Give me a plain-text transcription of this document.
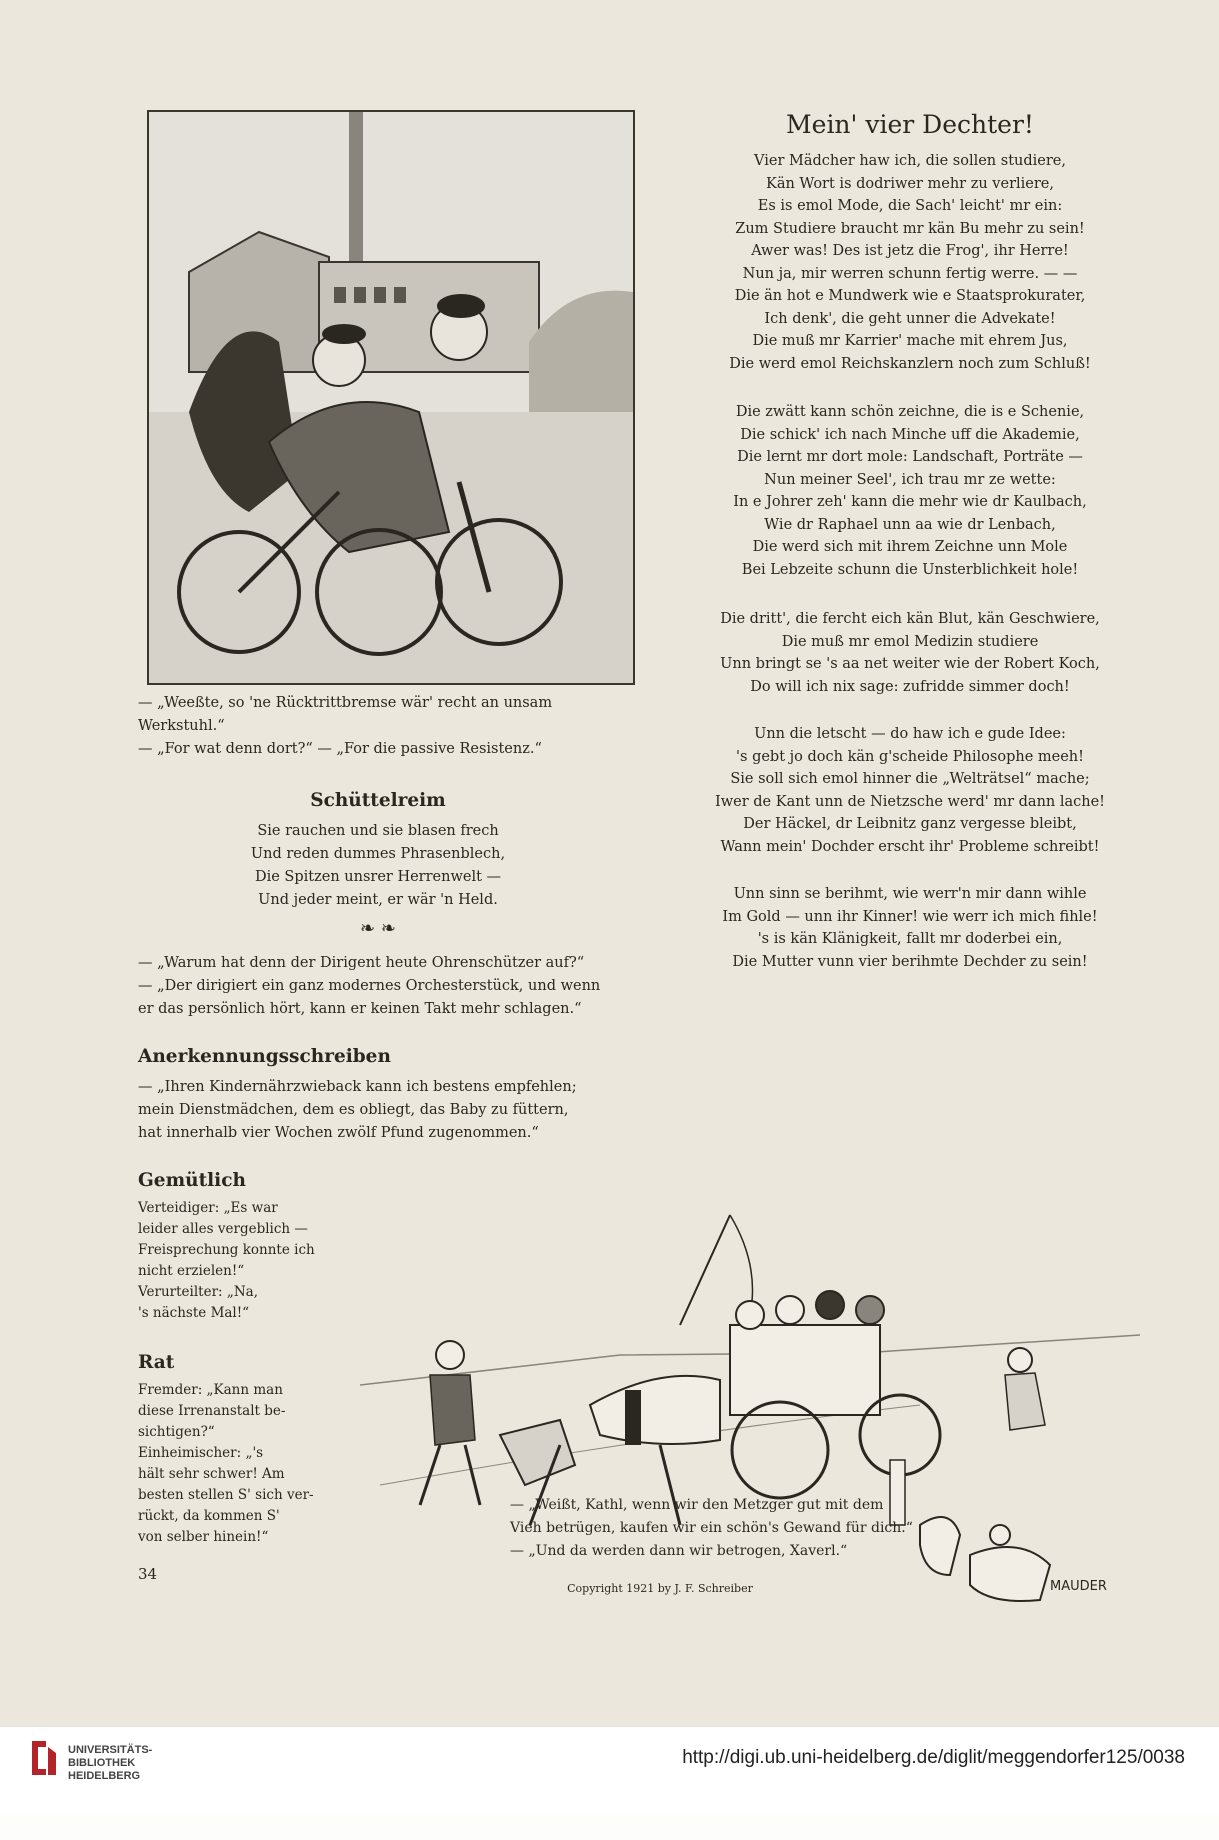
— „Weeßte, so 'ne Rücktrittbremse wär' recht an unsam
Werkstuhl.“
— „For wat denn dort?“ — „For die passive Resistenz.“
Schüttelreim
Sie rauchen und sie blasen frech
Und reden dummes Phrasenblech,
Die Spitzen unsrer Herrenwelt —
Und jeder meint, er wär 'n Held.
❧ ❧
— „Warum hat denn der Dirigent heute Ohrenschützer auf?“
— „Der dirigiert ein ganz modernes Orchesterstück, und wenn
er das persönlich hört, kann er keinen Takt mehr schlagen.“
Anerkennungsschreiben
— „Ihren Kindernährzwieback kann ich bestens empfehlen;
mein Dienstmädchen, dem es obliegt, das Baby zu füttern,
hat innerhalb vier Wochen zwölf Pfund zugenommen.“
Gemütlich
Verteidiger: „Es war
leider alles vergeblich —
Freisprechung konnte ich
nicht erzielen!“
Verurteilter: „Na,
's nächste Mal!“
Rat
Fremder: „Kann man
diese Irrenanstalt be-
sichtigen?“
Einheimischer: „'s
hält sehr schwer! Am
besten stellen S' sich ver-
rückt, da kommen S'
von selber hinein!“
34
MAUDER
— „Weißt, Kathl, wenn wir den Metzger gut mit dem
Vieh betrügen, kaufen wir ein schön's Gewand für dich.“
— „Und da werden dann wir betrogen, Xaverl.“
Copyright 1921 by J. F. Schreiber
Mein' vier Dechter!
Vier Mädcher haw ich, die sollen studiere,
Kän Wort is dodriwer mehr zu verliere,
Es is emol Mode, die Sach' leicht' mr ein:
Zum Studiere braucht mr kän Bu mehr zu sein!
Awer was! Des ist jetz die Frog', ihr Herre!
Nun ja, mir werren schunn fertig werre. — —
Die än hot e Mundwerk wie e Staatsprokurater,
Ich denk', die geht unner die Advekate!
Die muß mr Karrier' mache mit ehrem Jus,
Die werd emol Reichskanzlern noch zum Schluß!
Die zwätt kann schön zeichne, die is e Schenie,
Die schick' ich nach Minche uff die Akademie,
Die lernt mr dort mole: Landschaft, Porträte —
Nun meiner Seel', ich trau mr ze wette:
In e Johrer zeh' kann die mehr wie dr Kaulbach,
Wie dr Raphael unn aa wie dr Lenbach,
Die werd sich mit ihrem Zeichne unn Mole
Bei Lebzeite schunn die Unsterblichkeit hole!
Die dritt', die fercht eich kän Blut, kän Geschwiere,
Die muß mr emol Medizin studiere
Unn bringt se 's aa net weiter wie der Robert Koch,
Do will ich nix sage: zufridde simmer doch!
Unn die letscht — do haw ich e gude Idee:
's gebt jo doch kän g'scheide Philosophe meeh!
Sie soll sich emol hinner die „Welträtsel“ mache;
Iwer de Kant unn de Nietzsche werd' mr dann lache!
Der Häckel, dr Leibnitz ganz vergesse bleibt,
Wann mein' Dochder erscht ihr' Probleme schreibt!
Unn sinn se berihmt, wie werr'n mir dann wihle
Im Gold — unn ihr Kinner! wie werr ich mich fihle!
's is kän Klänigkeit, fallt mr doderbei ein,
Die Mutter vunn vier berihmte Dechder zu sein!
UNIVERSITÄTS-
BIBLIOTHEK
HEIDELBERG
http://digi.ub.uni-heidelberg.de/diglit/meggendorfer125/0038
